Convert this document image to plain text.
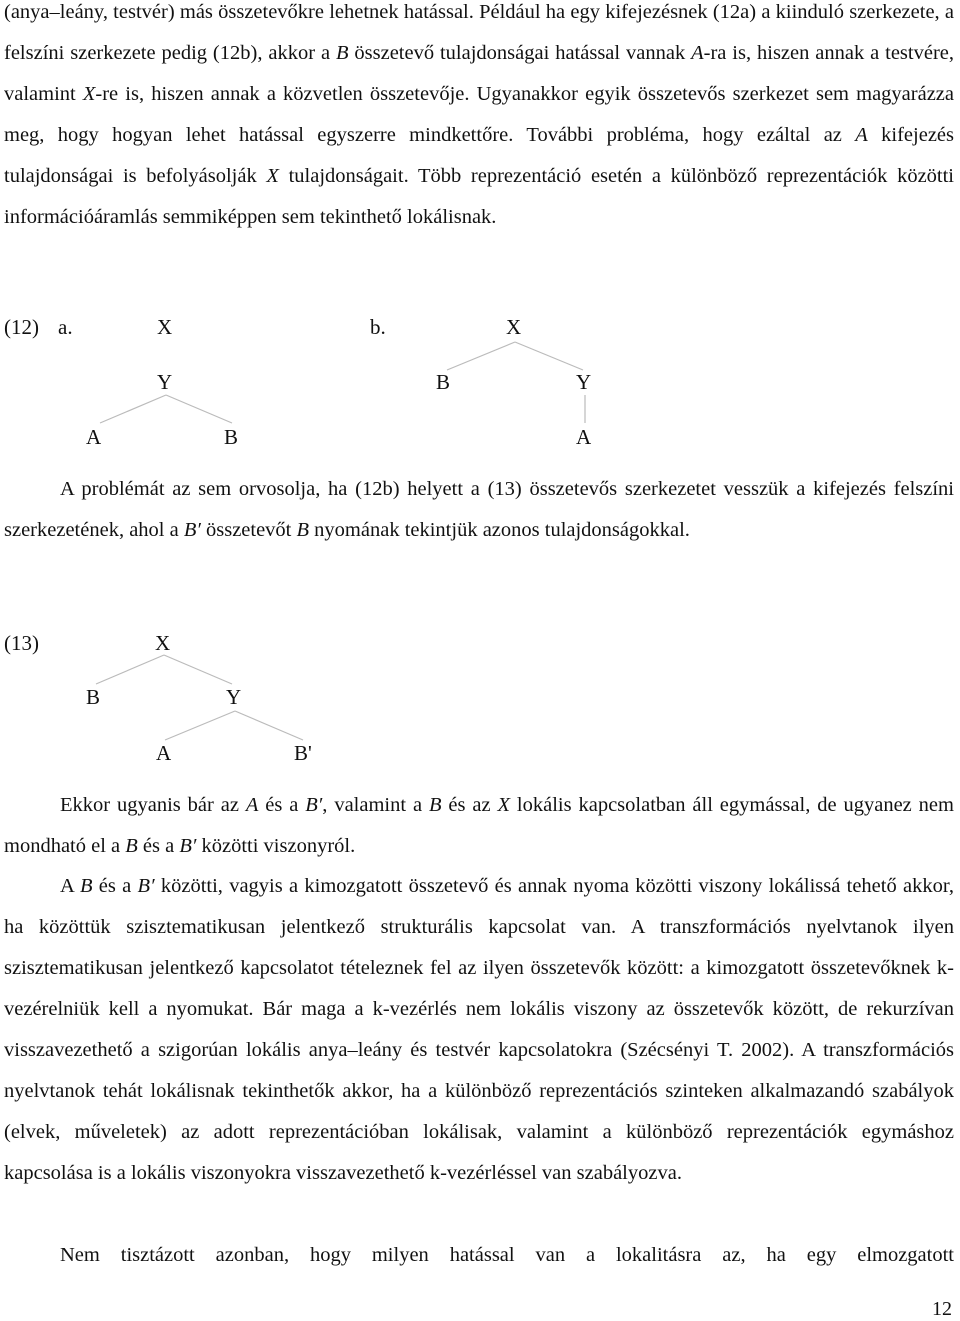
(anya–leány, testvér) más összetevőkre lehetnek hatással. Például ha egy kifejezésnek (12a) a kiinduló szerkezete, a felszíni szerkezete pedig (12b), akkor a B összetevő tulajdonságai hatással vannak A-ra is, hiszen annak a testvére, valamint X-re is, hiszen annak a közvetlen összetevője. Ugyanakkor egyik összetevős szerkezet sem magyarázza meg, hogy hogyan lehet hatással egyszerre mindkettőre. További probléma, hogy ezáltal az A kifejezés tulajdonságai is befolyásolják X tulajdonságait. Több reprezentáció esetén a különböző reprezentációk közötti információáramlás semmiképpen sem tekinthető lokálisnak.

(12) a.	X
Y
A	B
b.	X
B	Y
A

A problémát az sem orvosolja, ha (12b) helyett a (13) összetevős szerkezetet vesszük a kifejezés felszíni szerkezetének, ahol a B′ összetevőt B nyomának tekintjük azonos tulajdonságokkal.

(13)	X
B	Y
A	B'

Ekkor ugyanis bár az A és a B′, valamint a B és az X lokális kapcsolatban áll egymással, de ugyanez nem mondható el a B és a B′ közötti viszonyról.

A B és a B′ közötti, vagyis a kimozgatott összetevő és annak nyoma közötti viszony lokálissá tehető akkor, ha közöttük szisztematikusan jelentkező strukturális kapcsolat van. A transzformációs nyelvtanok ilyen szisztematikusan jelentkező kapcsolatot tételeznek fel az ilyen összetevők között: a kimozgatott összetevőknek k-vezérelniük kell a nyomukat. Bár maga a k-vezérlés nem lokális viszony az összetevők között, de rekurzívan visszavezethető a szigorúan lokális anya–leány és testvér kapcsolatokra (Szécsényi T. 2002). A transzformációs nyelvtanok tehát lokálisnak tekinthetők akkor, ha a különböző reprezentációs szinteken alkalmazandó szabályok (elvek, műveletek) az adott reprezentációban lokálisak, valamint a különböző reprezentációk egymáshoz kapcsolása is a lokális viszonyokra visszavezethető k-vezérléssel van szabályozva.

Nem tisztázott azonban, hogy milyen hatással van a lokalitásra az, ha egy elmozgatott

12
